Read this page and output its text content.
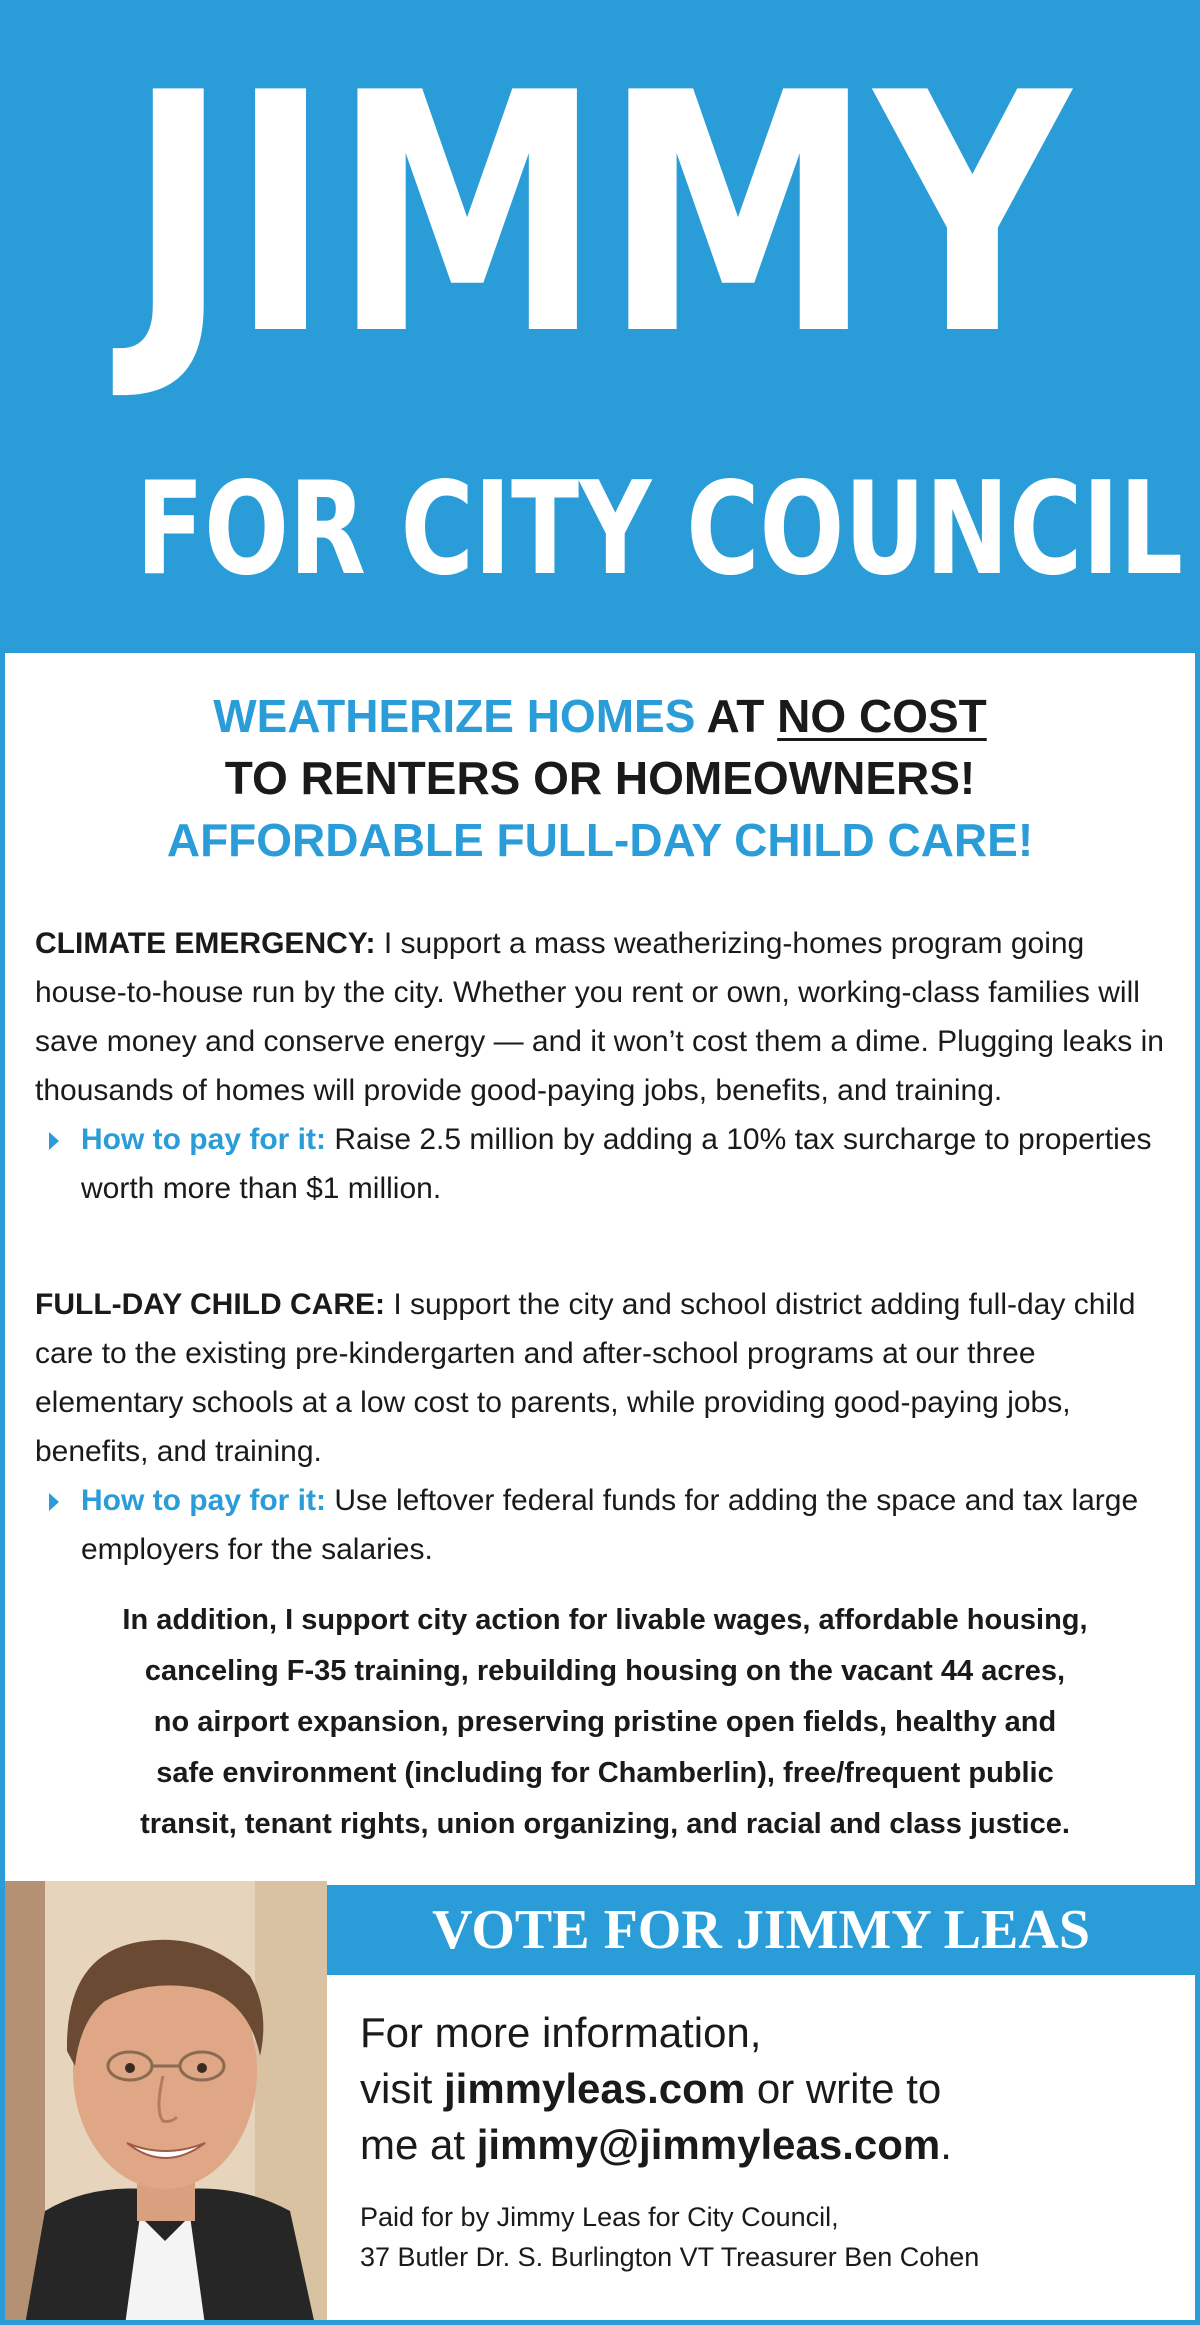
JIMMY
FOR CITY COUNCIL
WEATHERIZE HOMES AT NO COST
TO RENTERS OR HOMEOWNERS!
AFFORDABLE FULL-DAY CHILD CARE!
CLIMATE EMERGENCY: I support a mass weatherizing-homes program going house-to-house run by the city. Whether you rent or own, working-class families will save money and conserve energy — and it won’t cost them a dime. Plugging leaks in thousands of homes will provide good-paying jobs, benefits, and training.
How to pay for it: Raise 2.5 million by adding a 10% tax surcharge to properties worth more than $1 million.
FULL-DAY CHILD CARE: I support the city and school district adding full-day child care to the existing pre-kindergarten and after-school programs at our three elementary schools at a low cost to parents, while providing good-paying jobs, benefits, and training.
How to pay for it: Use leftover federal funds for adding the space and tax large employers for the salaries.
In addition, I support city action for livable wages, affordable housing,
canceling F-35 training, rebuilding housing on the vacant 44 acres,
no airport expansion, preserving pristine open fields, healthy and
safe environment (including for Chamberlin), free/frequent public
transit, tenant rights, union organizing, and racial and class justice.
VOTE FOR JIMMY LEAS
For more information,
visit jimmyleas.com or write to
me at jimmy@jimmyleas.com.
Paid for by Jimmy Leas for City Council,
37 Butler Dr. S. Burlington VT Treasurer Ben Cohen
